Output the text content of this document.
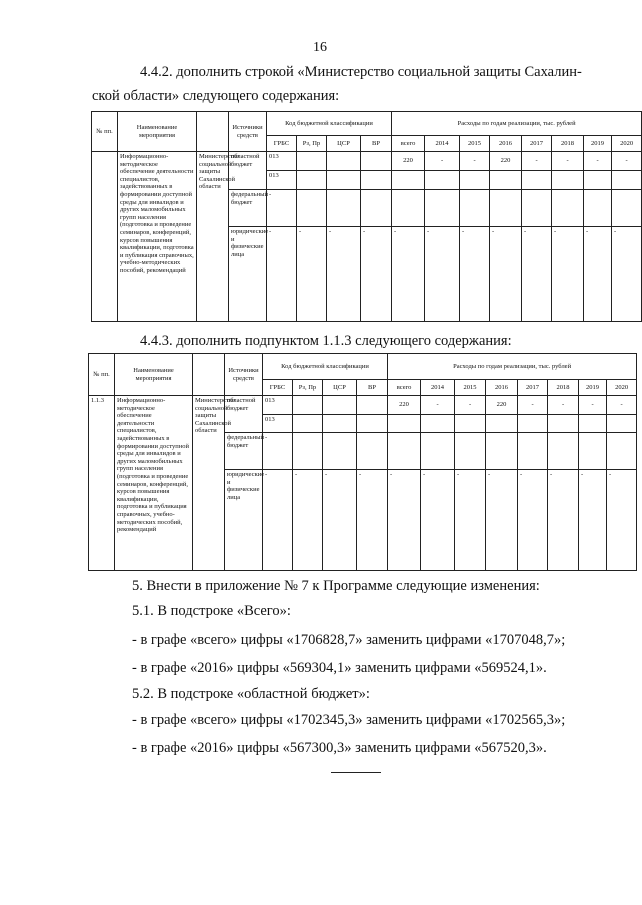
16
4.4.2. дополнить строкой «Министерство социальной защиты Сахалин-
ской области» следующего содержания:
№ пп.	Наименование мероприятия		Источники средств	Код бюджетной классификации				Расходы по годам реализации, тыс. рублей							
				ГРБС	Рз, Пр	ЦСР	ВР	всего	2014	2015	2016	2017	2018	2019	2020
	Информационно-методическое обеспечение деятельности специалистов, задействованных в формировании доступной среды для инвалидов и других маломобильных групп населения (подготовка и проведение семинаров, конференций, курсов повышения квалификации, подготовка и публикация справочных, учебно-методических пособий, рекомендаций	Министерство социальной защиты Сахалинской области	областной бюджет	013				220	-	-	220	-	-	-	-
				013											
			федеральный бюджет	-											
			юридические и физические лица	-	-	-	-	-	-	-	-	-	-	-	-
4.4.3. дополнить подпунктом 1.1.3 следующего содержания:
№ пп.	Наименование мероприятия		Источники средств	Код бюджетной классификации				Расходы по годам реализации, тыс. рублей							
				ГРБС	Рз, Пр	ЦСР	ВР	всего	2014	2015	2016	2017	2018	2019	2020
1.1.3	Информационно-методическое обеспечение деятельности специалистов, задействованных в формировании доступной среды для инвалидов и других маломобильных групп населения (подготовка и проведение семинаров, конференций, курсов повышения квалификации, подготовка и публикация справочных, учебно-методических пособий, рекомендаций	Министерство социальной защиты Сахалинской области	областной бюджет	013				220	-	-	220	-	-	-	-
				013											
			федеральный бюджет	-											
			юридические и физические лица	-	-	-	-	-	-	-	-	-	-	-	-
5. Внести в приложение № 7 к Программе следующие изменения:
5.1. В подстроке «Всего»:
- в графе «всего» цифры «1706828,7» заменить цифрами «1707048,7»;
- в графе «2016» цифры «569304,1» заменить цифрами «569524,1».
5.2. В подстроке «областной бюджет»:
- в графе «всего» цифры «1702345,3» заменить цифрами «1702565,3»;
- в графе «2016» цифры «567300,3» заменить цифрами «567520,3».
